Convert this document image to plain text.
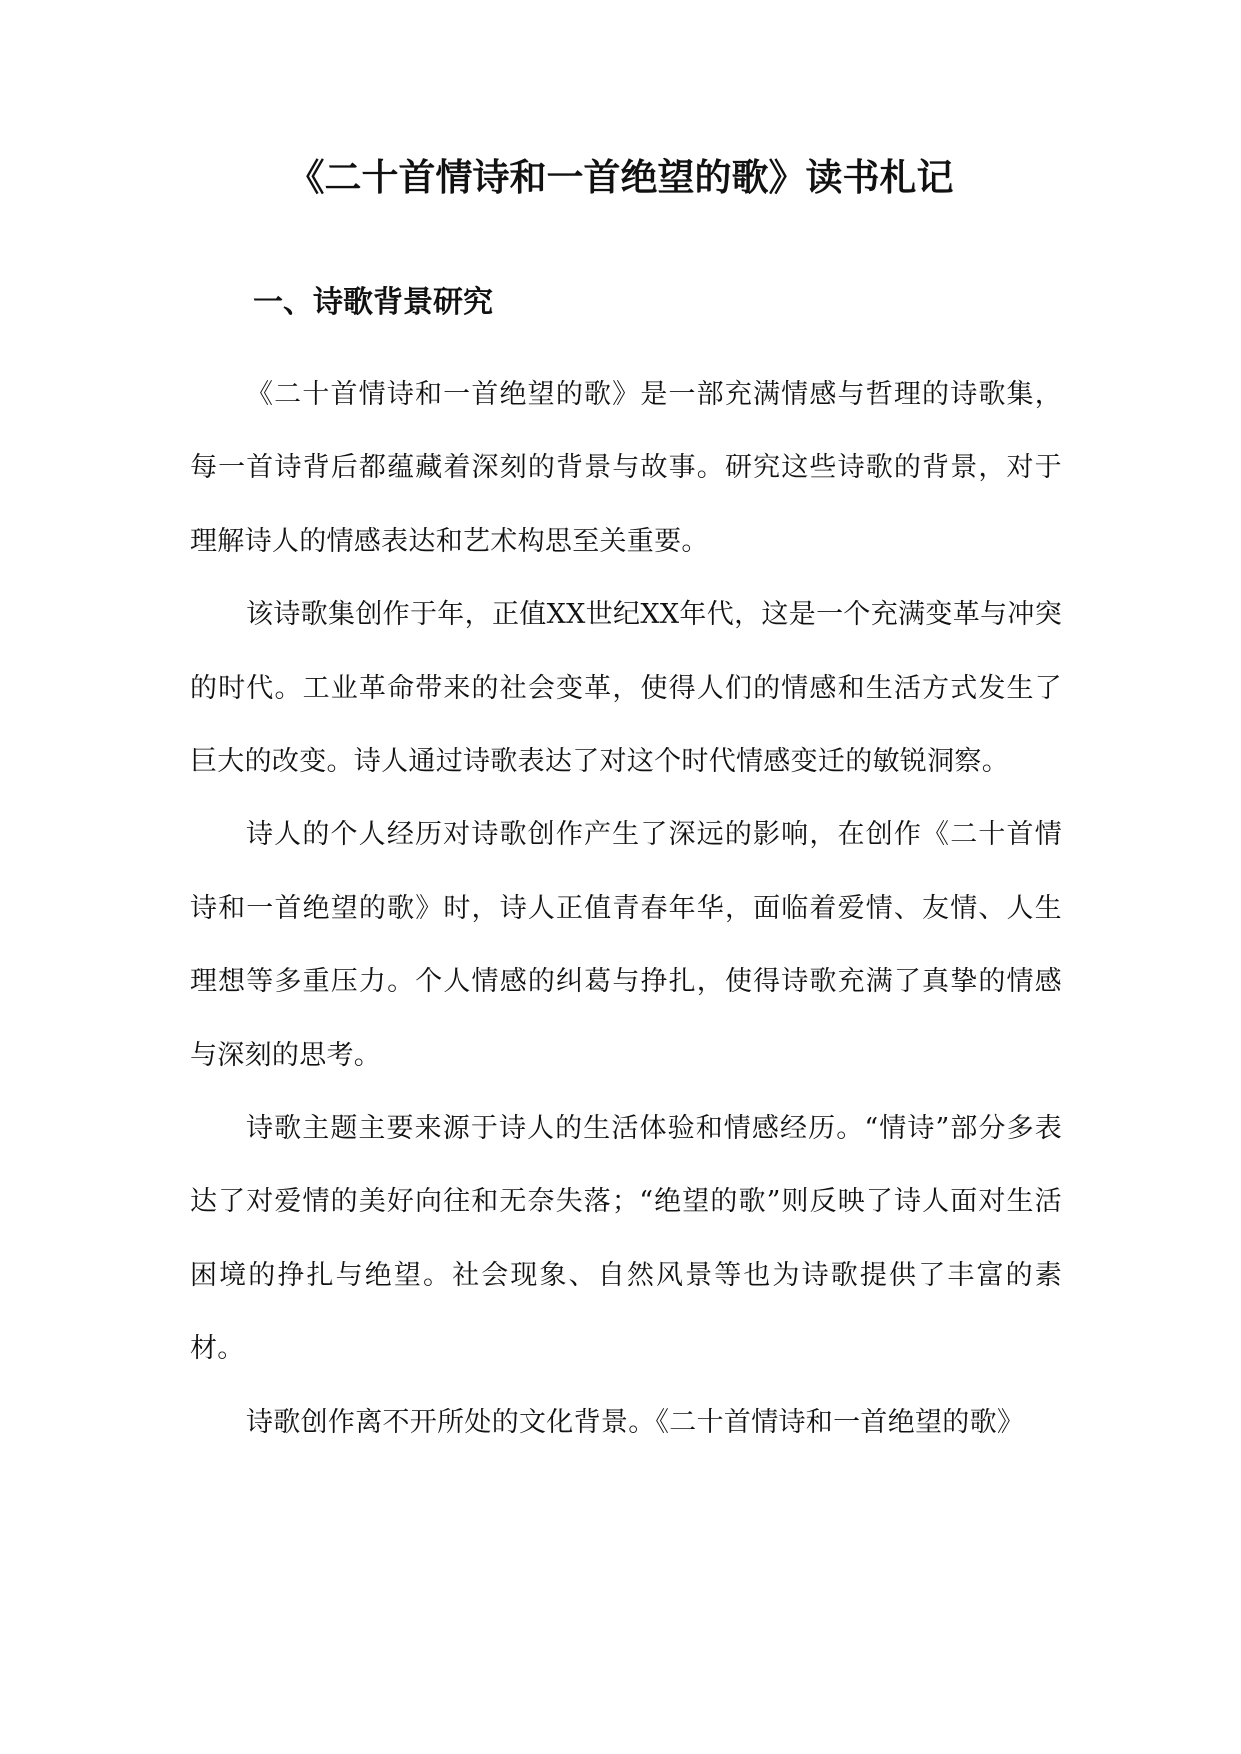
《二十首情诗和一首绝望的歌》读书札记
一、诗歌背景研究

《二十首情诗和一首绝望的歌》是一部充满情感与哲理的诗歌集，每一首诗背后都蕴藏着深刻的背景与故事。研究这些诗歌的背景，对于理解诗人的情感表达和艺术构思至关重要。

该诗歌集创作于年，正值XX世纪XX年代，这是一个充满变革与冲突的时代。工业革命带来的社会变革，使得人们的情感和生活方式发生了巨大的改变。诗人通过诗歌表达了对这个时代情感变迁的敏锐洞察。

诗人的个人经历对诗歌创作产生了深远的影响，在创作《二十首情诗和一首绝望的歌》时，诗人正值青春年华，面临着爱情、友情、人生理想等多重压力。个人情感的纠葛与挣扎，使得诗歌充满了真挚的情感与深刻的思考。

诗歌主题主要来源于诗人的生活体验和情感经历。“情诗”部分多表达了对爱情的美好向往和无奈失落；“绝望的歌”则反映了诗人面对生活困境的挣扎与绝望。社会现象、自然风景等也为诗歌提供了丰富的素材。

诗歌创作离不开所处的文化背景。《二十首情诗和一首绝望的歌》
